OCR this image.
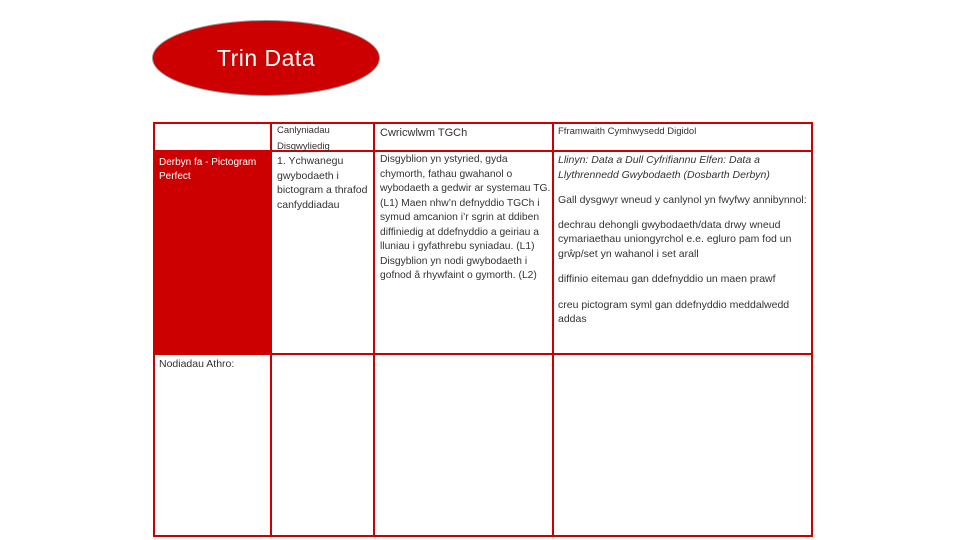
Trin Data
Canlyniadau Disgwyliedig
Cwricwlwm TGCh	Fframwaith Cymhwysedd Digidol
Derbyn fa - Pictogram Perfect
1. Ychwanegu gwybodaeth i bictogram a thrafod canfyddiadau
Disgyblion yn ystyried, gyda chymorth, fathau gwahanol o wybodaeth a gedwir ar systemau TG. (L1) Maen nhw’n defnyddio TGCh i symud amcanion i’r sgrin at ddiben diffiniedig at ddefnyddio a geiriau a lluniau i gyfathrebu syniadau. (L1) Disgyblion yn nodi gwybodaeth i gofnod â rhywfaint o gymorth. (L2)

Llinyn: Data a Dull Cyfrifiannu Elfen: Data a Llythrennedd Gwybodaeth (Dosbarth Derbyn)

Gall dysgwyr wneud y canlynol yn fwyfwy annibynnol:

dechrau dehongli gwybodaeth/data drwy wneud cymariaethau uniongyrchol e.e. egluro pam fod un grŵp/set yn wahanol i set arall

diffinio eitemau gan ddefnyddio un maen prawf

creu pictogram syml gan ddefnyddio meddalwedd addas

Nodiadau Athro:
